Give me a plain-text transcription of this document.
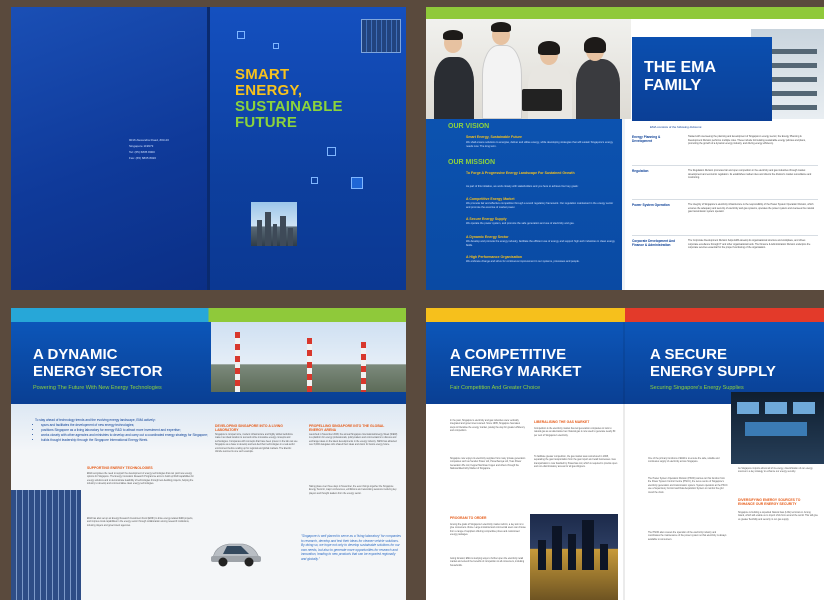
9016 Alexandra Road, #03-20
Singapore 119973
Tel: (65) 6835 8000
Fax: (65) 6835 8020
SMART
ENERGY,
SUSTAINABLE
FUTURE
THE EMA
FAMILY
OUR VISION
Smart Energy, Sustainable Future
We shall ensure solutions to energise, deliver and utilise energy, while developing strategies that will sustain Singapore's energy needs now. The long term.
OUR MISSION
To Forge A Progressive Energy Landscape For Sustained Growth
As part of this initiative, we work closely with stakeholders and you here to achieve four key goals:
A Competitive Energy Market
We promote fair and effective competition through a sound regulatory framework. Our regulation maintained in the energy sector and promote the exercise of market power.
A Secure Energy Supply
We operate the power system, and promote the safe generation and use of electricity and gas.
A Dynamic Energy Sector
We develop and promote the energy industry, facilitate the efficient use of energy and support high-tech industries in clean energy fields.
A High Performance Organisation
We embrace change and strive for continuous improvement in our systems, processes and people.
EMA consists of the following divisions:
Energy Planning & Development
Tasked with overseeing the planning and development of Singapore's energy sector, the Energy Planning & Development Division performs multiple roles. These include formulating sustainable energy policies and plans, promoting the growth of a dynamic energy industry, and driving energy efficiency.
Regulation	The Regulation Division promotes fair and open competition in the electricity and gas industries through market development and economic regulation. Its establishes market rules and directs the division's market surveillance and monitoring.
Power System Operation	The integrity of Singapore's electricity infrastructure is the responsibility of the Power System Operation Division, which ensures the adequacy and security of electricity and gas systems, operates the power system and oversees the natural gas transmission system operator.
Corporate Development And Finance & Administration
The Corporate Development Division helps EMA develop its organisational structure and workplace, and drives corporate excellence through IT and other organisational tools. The Finance & Administration Division underpins the corporate services essential for the proper functioning of the organisation.
A DYNAMIC
ENERGY SECTOR
Powering The Future With New Energy Technologies
To stay ahead of technology trends and the evolving energy landscape, EMA actively:
• spurs and facilitates the development of new energy technologies;
• positions Singapore as a living laboratory for energy R&D to attract more investment and expertise;
• works closely with other agencies and ministries to develop and carry out a coordinated energy strategy for Singapore;
• builds thought leadership through the Singapore International Energy Week.
SUPPORTING ENERGY TECHNOLOGIES
EMA recognises the need to support the development of energy technologies that can yield new energy options for Singapore. The Energy Innovation Research Programme aims to build up R&D capabilities for energy solutions and to demonstrate feasibility of technologies through test-bedding projects, helping the industry to develop and commercialise clean energy technologies.
EMA has also set up an Energy Research Investment Fund (ERIF) to drive energy-related R&D projects, and improve local capabilities in the energy sector through collaboration among research institutions, industry players and government agencies.
DEVELOPING SINGAPORE INTO A LIVING LABORATORY
Singapore's compact size, modern infrastructure and highly skilled workforce make it an ideal location to test and refine innovative energy concepts and technologies. Companies with concepts that have been proven in the lab can use Singapore as a base to develop and test-bed their technologies in a real-world environment before scaling up for regional and global markets. The Electric Vehicle test-bed is one such example.
PROPELLING SINGAPORE INTO THE GLOBAL ENERGY ARENA
Launched in November 2008, the annual Singapore International Energy Week (SIEW) is a platform for energy professionals, policymakers and commentators to discuss and exchange ideas on the latest developments in the energy industry. SIEW has attracted over 8,000 delegates who shared their ideas and vision for Asia's energy future.
Taking place over three days in November, the event brings together the Singapore Energy Summit, major conferences, exhibitions and networking sessions involving key players and thought leaders from the energy sector.
"Singapore is well placed to serve as a 'living laboratory' for companies to research, develop and test their ideas for cleaner vehicle solutions. By doing so, we hope not only to develop sustainable solutions for our own needs, but also to generate more opportunities for research and innovation, leading to new products that can be exported regionally and globally."
A COMPETITIVE
ENERGY MARKET
Fair Competition And Greater Choice
A SECURE
ENERGY SUPPLY
Securing Singapore's Energy Supplies
In the past, Singapore's electricity and gas industries were vertically integrated and government-owned. Since 1995, Singapore has taken steps to liberalise the energy market, paving the way for greater efficiency and competition.
Singapore now enjoys its electricity supplies from many private generation companies such as Senoko Power Ltd, PowerSeraya Ltd, Tuas Power Generation Pte Ltd, Keppel Merlimau Cogen and others through the National Electricity Market of Singapore.
PROGRAM TO ORDER
Among the goals of Singapore's electricity market reform, a key aim is to give consumers choice. Large industrial and commercial users can choose from a range of suppliers offering competitive prices and customised energy packages.
Going forward, EMA is studying ways to further open the electricity retail market and extend the benefits of competition to all consumers, including households.
LIBERALISING THE GAS MARKET
Competition is the electricity market has led generation companies to look to natural gas as an alternative fuel. Natural gas is now used to generate nearly 80 per cent of Singapore's electricity.
To facilitate greater competition, the gas market was restructured in 2008, separating the gas transportation from the gas import and retail businesses. Gas transportation is now handled by PowerGas Ltd, which is required to provide open and non-discriminatory access for all gas shippers.
One of the primary functions of EMA is to ensure the safe, reliable and continuous supply of electricity across Singapore.
The Power System Operation Division (PSOD) carries out this function from the Power System Control Centre (PSCC), the nerve centre of Singapore's electricity generation and transmission system. System operators at the PSCC use a Supervisory Control and Data Acquisition System to monitor the grid round the clock.
The PSOD also reviews the operation of the electricity industry and coordinates the maintenance of the power system so that electricity is always available to consumers.
As Singapore imports almost all of its energy, diversification of our energy sources is a key strategy to enhance our energy security.
DIVERSIFYING ENERGY SOURCES TO ENHANCE OUR ENERGY SECURITY
Singapore is building a Liquefied Natural Gas (LNG) terminal on Jurong Island, which will enable us to import LNG from around the world. This will give us greater flexibility and security in our gas supply.
